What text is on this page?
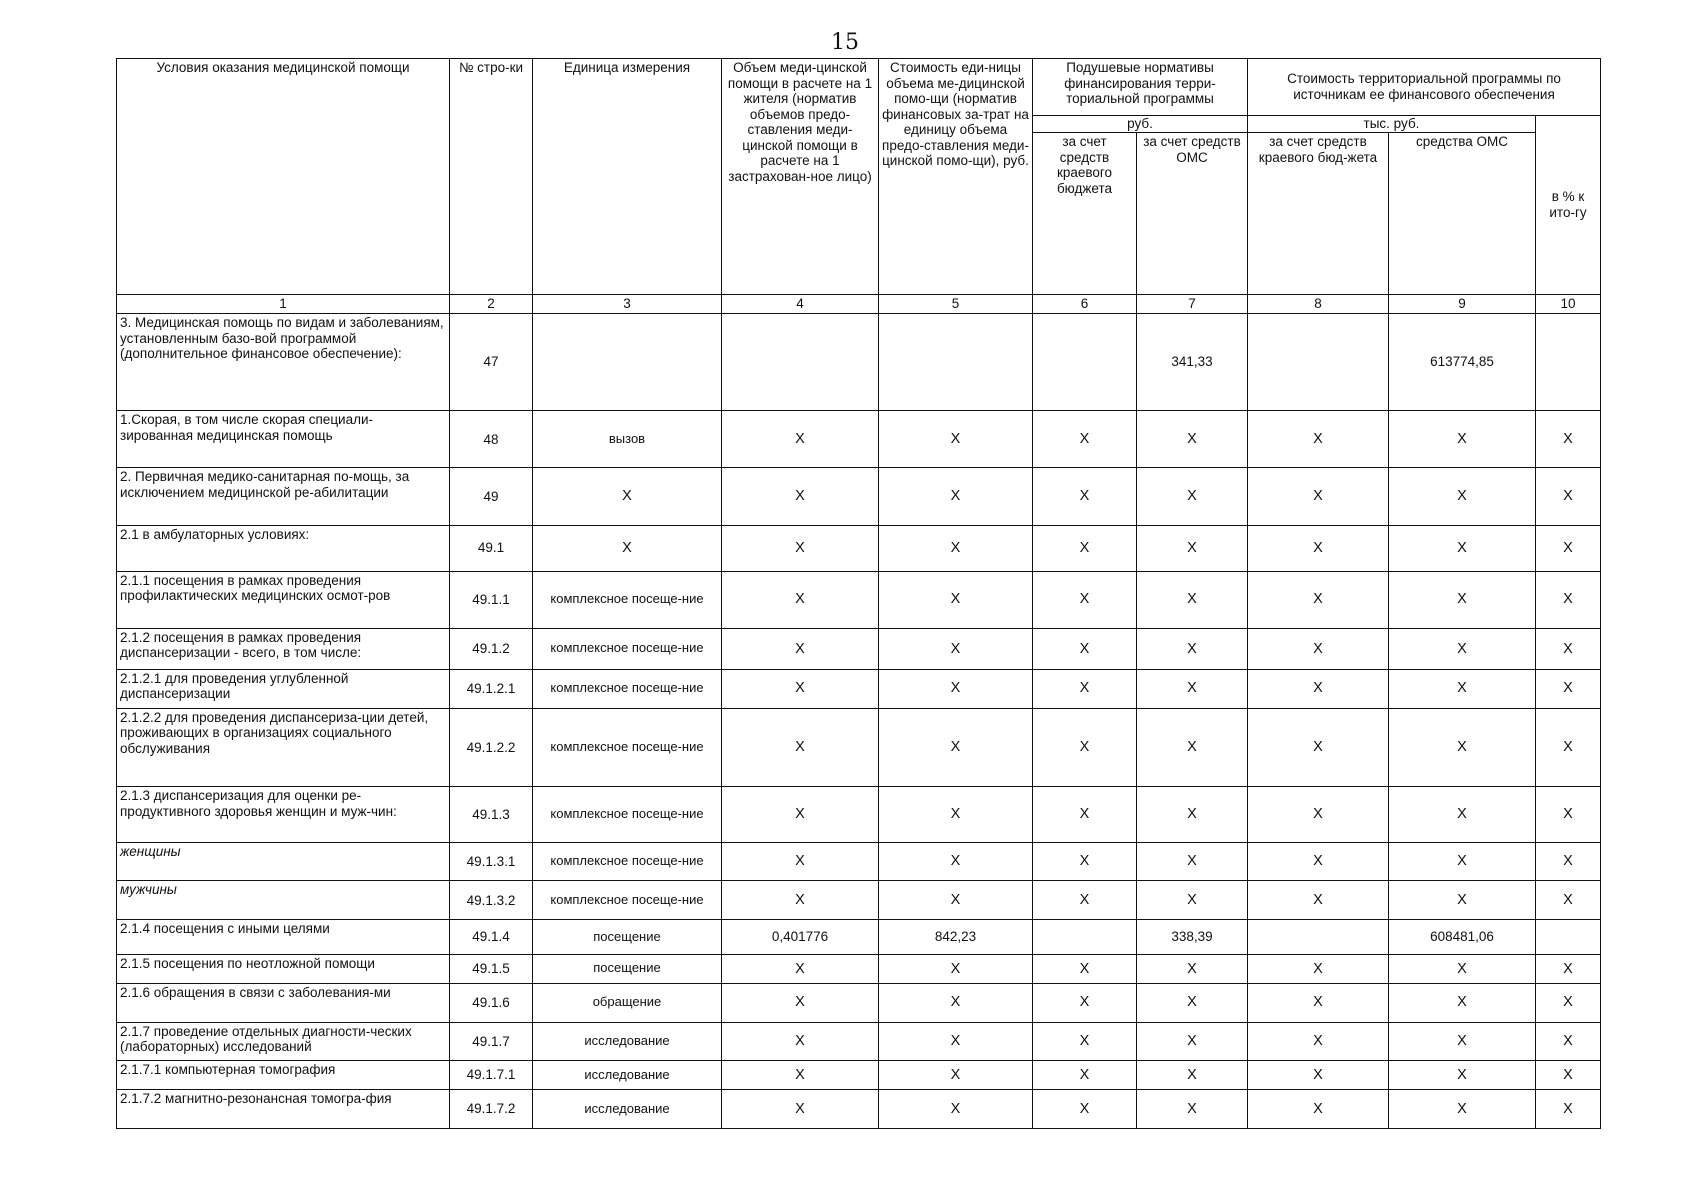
15
Условия оказания медицинской помощи	№ стро-ки	Единица измерения	Объем меди-цинской помощи в расчете на 1 жителя (норматив объемов предо-ставления меди-цинской помощи в расчете на 1 застрахован-ное лицо)	Стоимость еди-ницы объема ме-дицинской помо-щи (норматив финансовых за-трат на единицу объема предо-ставления меди-цинской помо-щи), руб.	Подушевые нормативы финансирования терри-ториальной программы		Стоимость территориальной программы по источникам ее финансового обеспечения		
					руб.		тыс. руб.		в % к ито-гу
					за счет средств краевого бюджета	за счет средств ОМС	за счет средств краевого бюд-жета	средства ОМС	
1	2	3	4	5	6	7	8	9	10
3. Медицинская помощь по видам и заболеваниям, установленным базо-вой программой (дополнительное финансовое обеспечение):	47					341,33		613774,85	
1.Скорая, в том числе скорая специали-зированная медицинская помощь	48	вызов	X	X	X	X	X	X	X
2. Первичная медико-санитарная по-мощь, за исключением медицинской ре-абилитации	49	X	X	X	X	X	X	X	X
2.1 в амбулаторных условиях:	49.1	X	X	X	X	X	X	X	X
2.1.1 посещения в рамках проведения профилактических медицинских осмот-ров	49.1.1	комплексное посеще-ние	X	X	X	X	X	X	X
2.1.2 посещения в рамках проведения диспансеризации - всего, в том числе:	49.1.2	комплексное посеще-ние	X	X	X	X	X	X	X
2.1.2.1 для проведения углубленной диспансеризации	49.1.2.1	комплексное посеще-ние	X	X	X	X	X	X	X
2.1.2.2 для проведения диспансериза-ции детей, проживающих в организациях социального обслуживания	49.1.2.2	комплексное посеще-ние	X	X	X	X	X	X	X
2.1.3 диспансеризация для оценки ре-продуктивного здоровья женщин и муж-чин:	49.1.3	комплексное посеще-ние	X	X	X	X	X	X	X
женщины	49.1.3.1	комплексное посеще-ние	X	X	X	X	X	X	X
мужчины	49.1.3.2	комплексное посеще-ние	X	X	X	X	X	X	X
2.1.4 посещения с иными целями	49.1.4	посещение	0,401776	842,23		338,39		608481,06	
2.1.5 посещения по неотложной помощи	49.1.5	посещение	X	X	X	X	X	X	X
2.1.6 обращения в связи с заболевания-ми	49.1.6	обращение	X	X	X	X	X	X	X
2.1.7 проведение отдельных диагности-ческих (лабораторных) исследований	49.1.7	исследование	X	X	X	X	X	X	X
2.1.7.1 компьютерная томография	49.1.7.1	исследование	X	X	X	X	X	X	X
2.1.7.2 магнитно-резонансная томогра-фия	49.1.7.2	исследование	X	X	X	X	X	X	X
